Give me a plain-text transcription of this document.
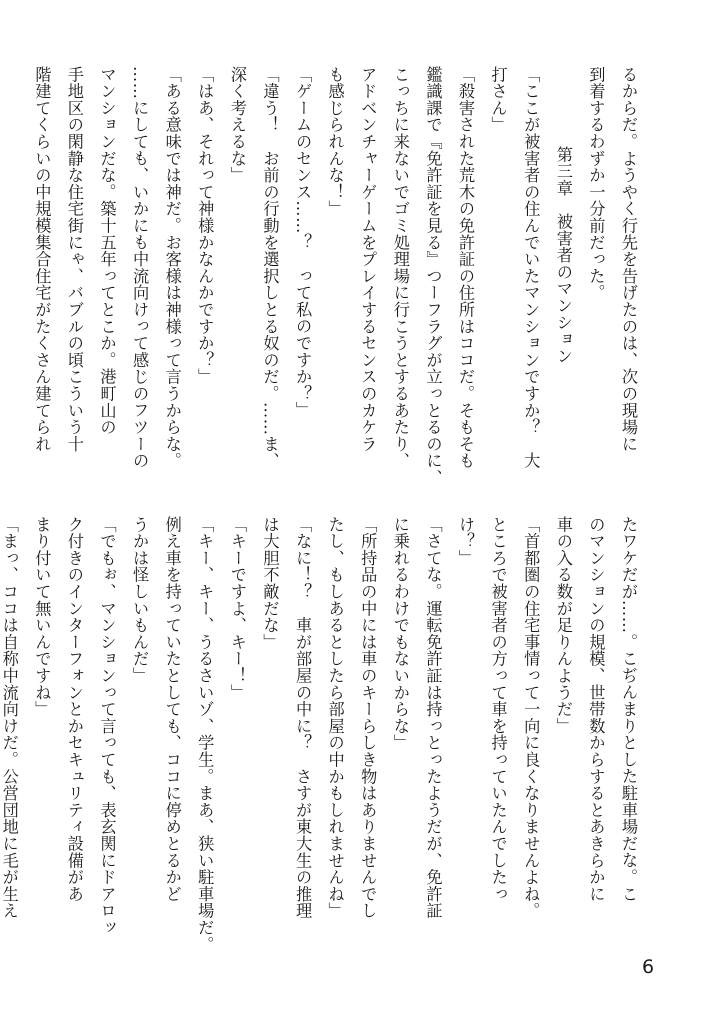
るからだ。ようやく行先を告げたのは、次の現場に

到着するわずか一分前だった。

第三章　被害者のマンション

「ここが被害者の住んでいたマンションですか？　大

打さん」

「殺害された荒木の免許証の住所はココだ。そもそも

鑑識課で『免許証を見る』つーフラグが立っとるのに、

こっちに来ないでゴミ処理場に行こうとするあたり、

アドベンチャーゲームをプレイするセンスのカケラ

も感じられんな！」

「ゲームのセンス……？　って私のですか？」

「違う！　お前の行動を選択しとる奴のだ。……ま、

深く考えるな」

「はあ、それって神様かなんかですか？」

「ある意味では神だ。お客様は神様って言うからな。

……にしても、いかにも中流向けって感じのフツーの

マンションだな。築十五年ってとこか。港町山の

手地区の閑静な住宅街にゃ、バブルの頃こういう十

階建てくらいの中規模集合住宅がたくさん建てられ

たワケだが……。こぢんまりとした駐車場だな。こ

のマンションの規模、世帯数からするとあきらかに

車の入る数が足りんようだ」

「首都圏の住宅事情って一向に良くなりませんよね。

ところで被害者の方って車を持っていたんでしたっ

け？」

「さてな。運転免許証は持っとったようだが、免許証

に乗れるわけでもないからな」

「所持品の中には車のキーらしき物はありませんでし

たし、もしあるとしたら部屋の中かもしれませんね」

「なに！？　車が部屋の中に？　さすが東大生の推理

は大胆不敵だな」

「キーですよ、キー！」

「キー、キー、うるさいゾ、学生。まあ、狭い駐車場だ。

例え車を持っていたとしても、ココに停めとるかど

うかは怪しいもんだ」

「でもぉ、マンションって言っても、表玄関にドアロッ

ク付きのインターフォンとかセキュリティ設備があ

まり付いて無いんですね」

「まっ、ココは自称中流向けだ。公営団地に毛が生え

6
